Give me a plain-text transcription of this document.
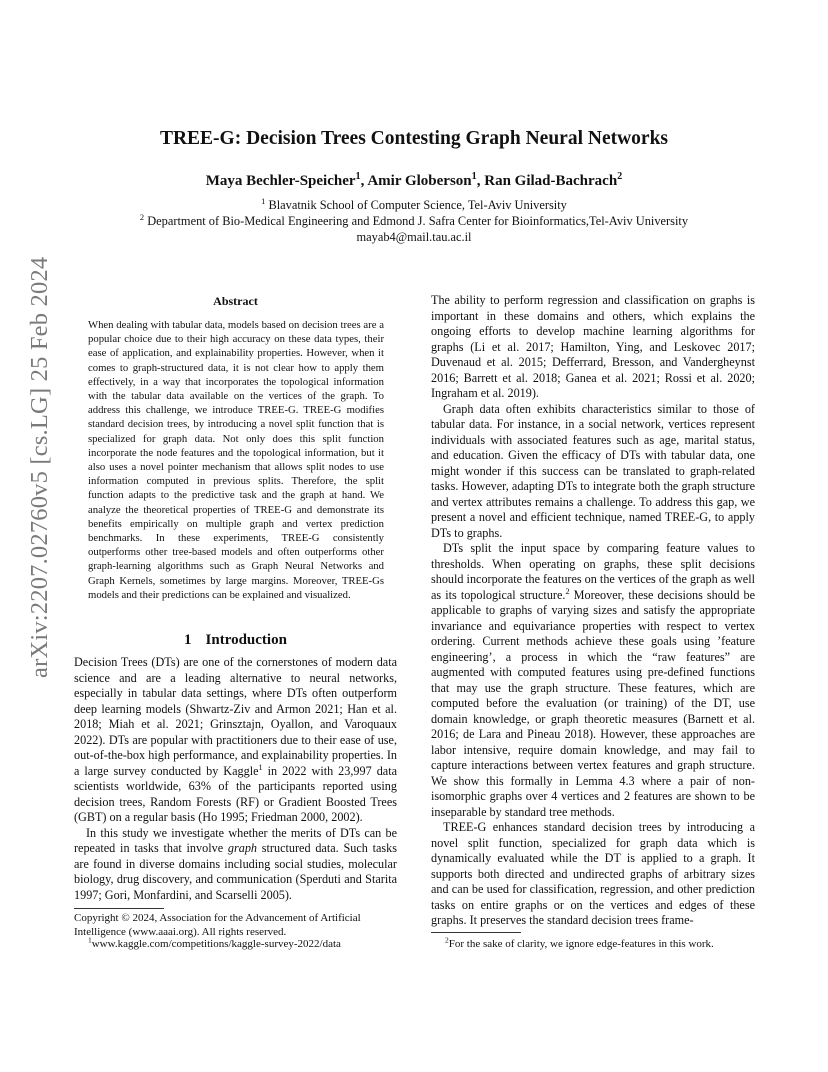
arXiv:2207.02760v5 [cs.LG] 25 Feb 2024
TREE-G: Decision Trees Contesting Graph Neural Networks
Maya Bechler-Speicher$^1$, Amir Globerson$^1$, Ran Gilad-Bachrach$^2$
$^1$ Blavatnik School of Computer Science, Tel-Aviv University
$^2$ Department of Bio-Medical Engineering and Edmond J. Safra Center for Bioinformatics,Tel-Aviv University
mayab4@mail.tau.ac.il
Abstract
When dealing with tabular data, models based on decision trees are a popular choice due to their high accuracy on these data types, their ease of application, and explainability properties. However, when it comes to graph-structured data, it is not clear how to apply them effectively, in a way that incorporates the topological information with the tabular data available on the vertices of the graph. To address this challenge, we introduce TREE-G. TREE-G modifies standard decision trees, by introducing a novel split function that is specialized for graph data. Not only does this split function incorporate the node features and the topological information, but it also uses a novel pointer mechanism that allows split nodes to use information computed in previous splits. Therefore, the split function adapts to the predictive task and the graph at hand. We analyze the theoretical properties of TREE-G and demonstrate its benefits empirically on multiple graph and vertex prediction benchmarks. In these experiments, TREE-G consistently outperforms other tree-based models and often outperforms other graph-learning algorithms such as Graph Neural Networks and Graph Kernels, sometimes by large margins. Moreover, TREE-Gs models and their predictions can be explained and visualized.
1 Introduction

Decision Trees (DTs) are one of the cornerstones of modern data science and are a leading alternative to neural networks, especially in tabular data settings, where DTs often outperform deep learning models (Shwartz-Ziv and Armon 2021; Han et al. 2018; Miah et al. 2021; Grinsztajn, Oyallon, and Varoquaux 2022). DTs are popular with practitioners due to their ease of use, out-of-the-box high performance, and explainability properties. In a large survey conducted by Kaggle$^1$ in 2022 with 23,997 data scientists worldwide, 63% of the participants reported using decision trees, Random Forests (RF) or Gradient Boosted Trees (GBT) on a regular basis (Ho 1995; Friedman 2000, 2002).

In this study we investigate whether the merits of DTs can be repeated in tasks that involve graph structured data. Such tasks are found in diverse domains including social studies, molecular biology, drug discovery, and communication (Sperduti and Starita 1997; Gori, Monfardini, and Scarselli 2005).

The ability to perform regression and classification on graphs is important in these domains and others, which explains the ongoing efforts to develop machine learning algorithms for graphs (Li et al. 2017; Hamilton, Ying, and Leskovec 2017; Duvenaud et al. 2015; Defferrard, Bresson, and Vandergheynst 2016; Barrett et al. 2018; Ganea et al. 2021; Rossi et al. 2020; Ingraham et al. 2019).

Graph data often exhibits characteristics similar to those of tabular data. For instance, in a social network, vertices represent individuals with associated features such as age, marital status, and education. Given the efficacy of DTs with tabular data, one might wonder if this success can be translated to graph-related tasks. However, adapting DTs to integrate both the graph structure and vertex attributes remains a challenge. To address this gap, we present a novel and efficient technique, named TREE-G, to apply DTs to graphs.

DTs split the input space by comparing feature values to thresholds. When operating on graphs, these split decisions should incorporate the features on the vertices of the graph as well as its topological structure.$^2$ Moreover, these decisions should be applicable to graphs of varying sizes and satisfy the appropriate invariance and equivariance properties with respect to vertex ordering. Current methods achieve these goals using ’feature engineering’, a process in which the “raw features” are augmented with computed features using pre-defined functions that may use the graph structure. These features, which are computed before the evaluation (or training) of the DT, use domain knowledge, or graph theoretic measures (Barnett et al. 2016; de Lara and Pineau 2018). However, these approaches are labor intensive, require domain knowledge, and may fail to capture interactions between vertex features and graph structure. We show this formally in Lemma 4.3 where a pair of non-isomorphic graphs over 4 vertices and 2 features are shown to be inseparable by standard tree methods.

TREE-G enhances standard decision trees by introducing a novel split function, specialized for graph data which is dynamically evaluated while the DT is applied to a graph. It supports both directed and undirected graphs of arbitrary sizes and can be used for classification, regression, and other prediction tasks on entire graphs or on the vertices and edges of these graphs. It preserves the standard decision trees frame-

Copyright © 2024, Association for the Advancement of Artificial Intelligence (www.aaai.org). All rights reserved.
$^1$www.kaggle.com/competitions/kaggle-survey-2022/data	$^2$For the sake of clarity, we ignore edge-features in this work.
